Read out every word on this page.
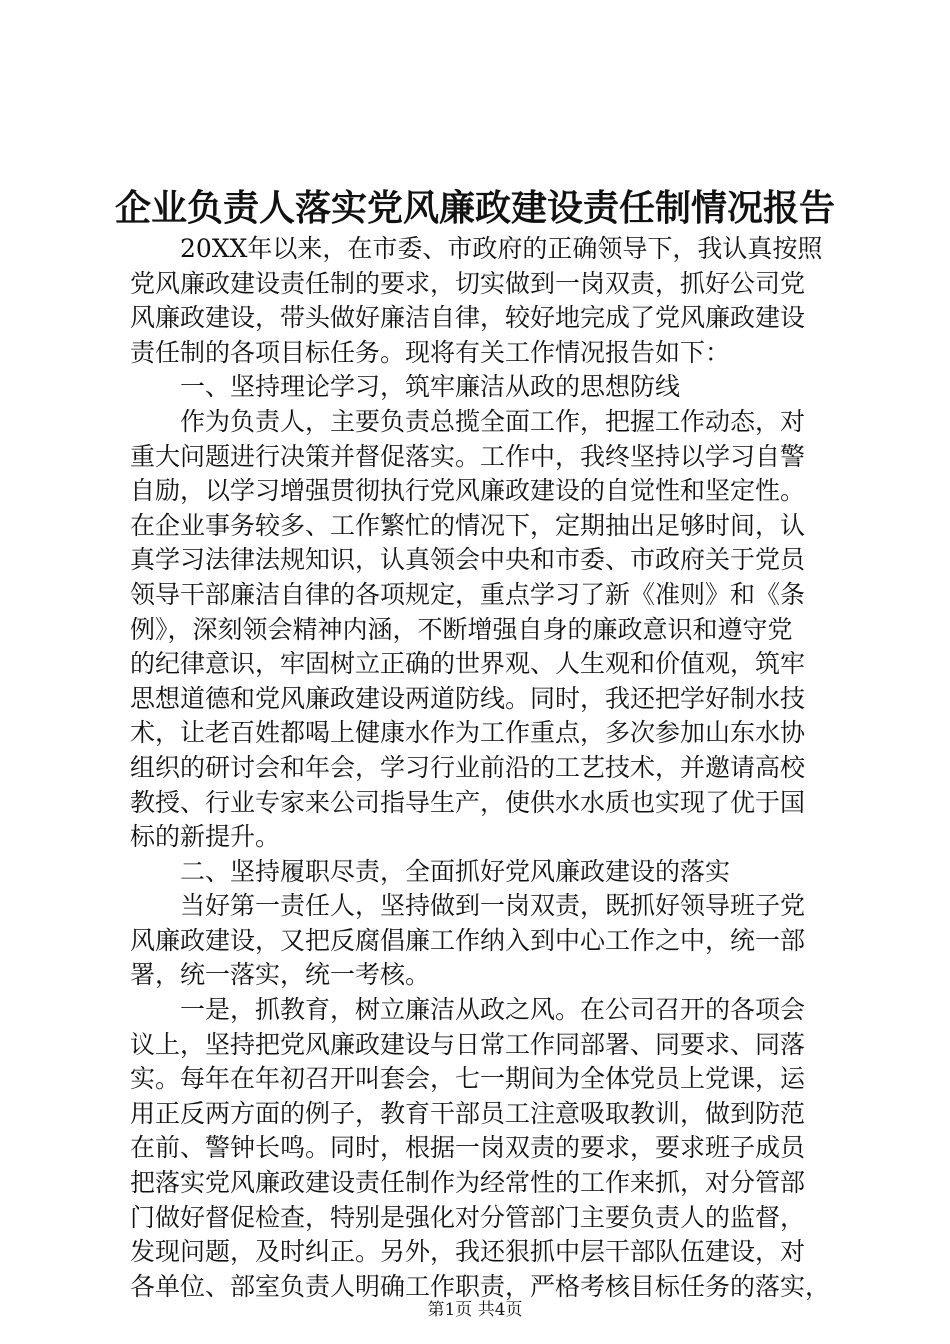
企业负责人落实党风廉政建设责任制情况报告
　　20XX年以来，在市委、市政府的正确领导下，我认真按照
党风廉政建设责任制的要求，切实做到一岗双责，抓好公司党
风廉政建设，带头做好廉洁自律，较好地完成了党风廉政建设
责任制的各项目标任务。现将有关工作情况报告如下：
　　一、坚持理论学习，筑牢廉洁从政的思想防线
　　作为负责人，主要负责总揽全面工作，把握工作动态，对
重大问题进行决策并督促落实。工作中，我终坚持以学习自警
自励，以学习增强贯彻执行党风廉政建设的自觉性和坚定性。
在企业事务较多、工作繁忙的情况下，定期抽出足够时间，认
真学习法律法规知识，认真领会中央和市委、市政府关于党员
领导干部廉洁自律的各项规定，重点学习了新《准则》和《条
例》，深刻领会精神内涵，不断增强自身的廉政意识和遵守党
的纪律意识，牢固树立正确的世界观、人生观和价值观，筑牢
思想道德和党风廉政建设两道防线。同时，我还把学好制水技
术，让老百姓都喝上健康水作为工作重点，多次参加山东水协
组织的研讨会和年会，学习行业前沿的工艺技术，并邀请高校
教授、行业专家来公司指导生产，使供水水质也实现了优于国
标的新提升。
　　二、坚持履职尽责，全面抓好党风廉政建设的落实
　　当好第一责任人，坚持做到一岗双责，既抓好领导班子党
风廉政建设，又把反腐倡廉工作纳入到中心工作之中，统一部
署，统一落实，统一考核。
　　一是，抓教育，树立廉洁从政之风。在公司召开的各项会
议上，坚持把党风廉政建设与日常工作同部署、同要求、同落
实。每年在年初召开叫套会，七一期间为全体党员上党课，运
用正反两方面的例子，教育干部员工注意吸取教训，做到防范
在前、警钟长鸣。同时，根据一岗双责的要求，要求班子成员
把落实党风廉政建设责任制作为经常性的工作来抓，对分管部
门做好督促检查，特别是强化对分管部门主要负责人的监督，
发现问题，及时纠正。另外，我还狠抓中层干部队伍建设，对
各单位、部室负责人明确工作职责，严格考核目标任务的落实，
第1页 共4页
